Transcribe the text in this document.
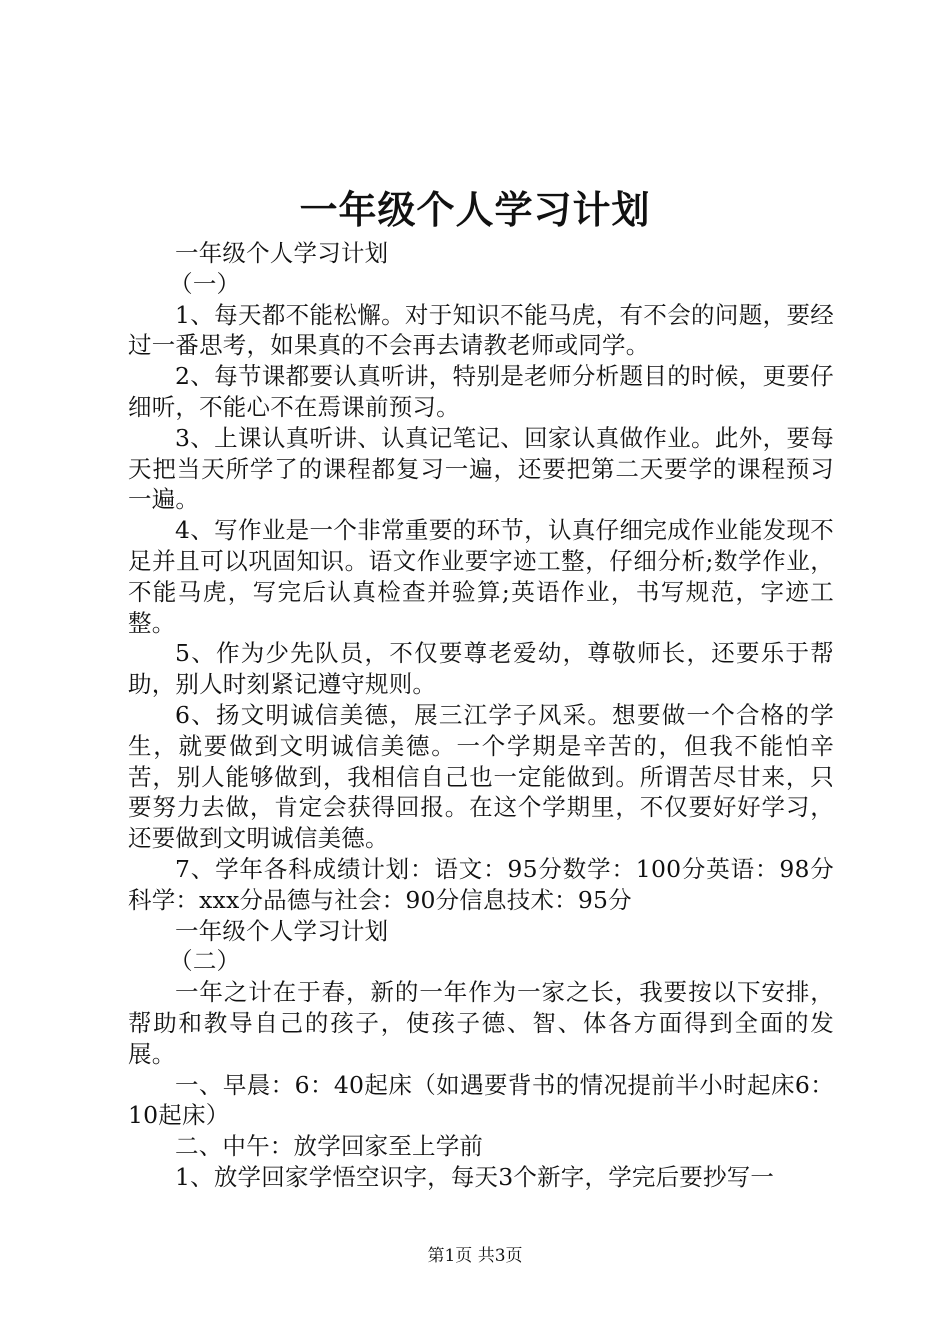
一年级个人学习计划

一年级个人学习计划

（一）

1、每天都不能松懈。对于知识不能马虎，有不会的问题，要经过一番思考，如果真的不会再去请教老师或同学。

2、每节课都要认真听讲，特别是老师分析题目的时候，更要仔细听，不能心不在焉课前预习。

3、上课认真听讲、认真记笔记、回家认真做作业。此外，要每天把当天所学了的课程都复习一遍，还要把第二天要学的课程预习一遍。

4、写作业是一个非常重要的环节，认真仔细完成作业能发现不足并且可以巩固知识。语文作业要字迹工整，仔细分析;数学作业，不能马虎，写完后认真检查并验算;英语作业，书写规范，字迹工整。

5、作为少先队员，不仅要尊老爱幼，尊敬师长，还要乐于帮助，别人时刻紧记遵守规则。

6、扬文明诚信美德，展三江学子风采。想要做一个合格的学生，就要做到文明诚信美德。一个学期是辛苦的，但我不能怕辛苦，别人能够做到，我相信自己也一定能做到。所谓苦尽甘来，只要努力去做，肯定会获得回报。在这个学期里，不仅要好好学习，还要做到文明诚信美德。

7、学年各科成绩计划：语文：95分数学：100分英语：98分科学：xxx分品德与社会：90分信息技术：95分

一年级个人学习计划

（二）

一年之计在于春，新的一年作为一家之长，我要按以下安排，帮助和教导自己的孩子，使孩子德、智、体各方面得到全面的发展。

一、早晨：6：40起床（如遇要背书的情况提前半小时起床6：10起床）

二、中午：放学回家至上学前

1、放学回家学悟空识字，每天3个新字，学完后要抄写一

第1页 共3页
